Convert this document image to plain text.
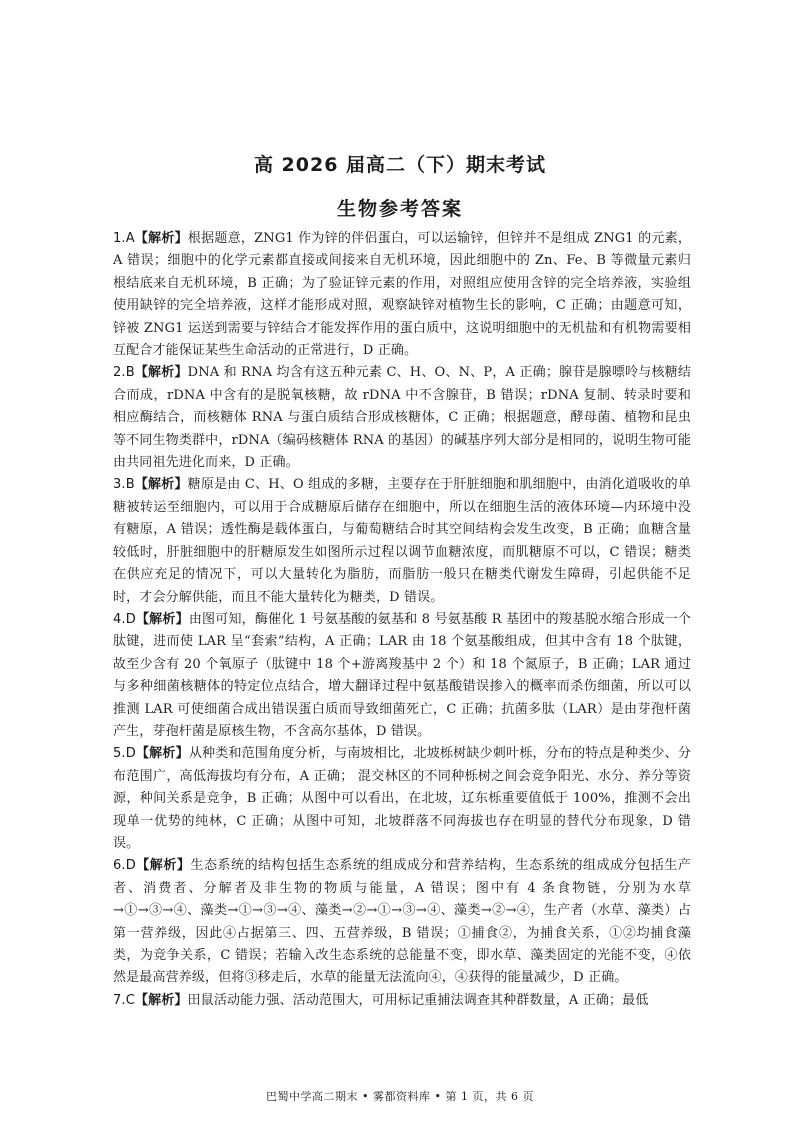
高 2026 届高二（下）期末考试
生物参考答案

1.A【解析】根据题意，ZNG1 作为锌的伴侣蛋白，可以运输锌，但锌并不是组成 ZNG1 的元素，A 错误；细胞中的化学元素都直接或间接来自无机环境，因此细胞中的 Zn、Fe、B 等微量元素归根结底来自无机环境，B 正确；为了验证锌元素的作用，对照组应使用含锌的完全培养液，实验组使用缺锌的完全培养液，这样才能形成对照，观察缺锌对植物生长的影响，C 正确；由题意可知，锌被 ZNG1 运送到需要与锌结合才能发挥作用的蛋白质中，这说明细胞中的无机盐和有机物需要相互配合才能保证某些生命活动的正常进行，D 正确。

2.B【解析】DNA 和 RNA 均含有这五种元素 C、H、O、N、P，A 正确；腺苷是腺嘌呤与核糖结合而成，rDNA 中含有的是脱氧核糖，故 rDNA 中不含腺苷，B 错误；rDNA 复制、转录时要和相应酶结合，而核糖体 RNA 与蛋白质结合形成核糖体，C 正确；根据题意，酵母菌、植物和昆虫等不同生物类群中，rDNA（编码核糖体 RNA 的基因）的碱基序列大部分是相同的，说明生物可能由共同祖先进化而来，D 正确。

3.B【解析】糖原是由 C、H、O 组成的多糖，主要存在于肝脏细胞和肌细胞中，由消化道吸收的单糖被转运至细胞内，可以用于合成糖原后储存在细胞中，所以在细胞生活的液体环境—内环境中没有糖原，A 错误；透性酶是载体蛋白，与葡萄糖结合时其空间结构会发生改变，B 正确；血糖含量较低时，肝脏细胞中的肝糖原发生如图所示过程以调节血糖浓度，而肌糖原不可以，C 错误；糖类在供应充足的情况下，可以大量转化为脂肪，而脂肪一般只在糖类代谢发生障碍，引起供能不足时，才会分解供能，而且不能大量转化为糖类，D 错误。

4.D【解析】由图可知，酶催化 1 号氨基酸的氨基和 8 号氨基酸 R 基团中的羧基脱水缩合形成一个肽键，进而使 LAR 呈“套索”结构，A 正确；LAR 由 18 个氨基酸组成，但其中含有 18 个肽键，故至少含有 20 个氧原子（肽键中 18 个+游离羧基中 2 个）和 18 个氮原子，B 正确；LAR 通过与多种细菌核糖体的特定位点结合，增大翻译过程中氨基酸错误掺入的概率而杀伤细菌，所以可以推测 LAR 可使细菌合成出错误蛋白质而导致细菌死亡，C 正确；抗菌多肽（LAR）是由芽孢杆菌产生，芽孢杆菌是原核生物，不含高尔基体，D 错误。

5.D【解析】从种类和范围角度分析，与南坡相比，北坡栎树缺少刺叶栎，分布的特点是种类少、分布范围广，高低海拔均有分布，A 正确； 混交林区的不同种栎树之间会竞争阳光、水分、养分等资源，种间关系是竞争，B 正确；从图中可以看出，在北坡，辽东栎重要值低于 100%，推测不会出现单一优势的纯林，C 正确；从图中可知，北坡群落不同海拔也存在明显的替代分布现象，D 错误。

6.D【解析】生态系统的结构包括生态系统的组成成分和营养结构，生态系统的组成成分包括生产者、消费者、分解者及非生物的物质与能量，A 错误；图中有 4 条食物链，分别为水草→①→③→④、藻类→①→③→④、藻类→②→①→③→④、藻类→②→④，生产者（水草、藻类）占第一营养级，因此④占据第三、四、五营养级，B 错误；①捕食②，为捕食关系，①②均捕食藻类，为竞争关系，C 错误；若输入改生态系统的总能量不变，即水草、藻类固定的光能不变，④依然是最高营养级，但将③移走后，水草的能量无法流向④，④获得的能量减少，D 正确。

7.C【解析】田鼠活动能力强、活动范围大，可用标记重捕法调查其种群数量，A 正确；最低

巴蜀中学高二期末 • 雾都资料库 • 第 1 页，共 6 页
